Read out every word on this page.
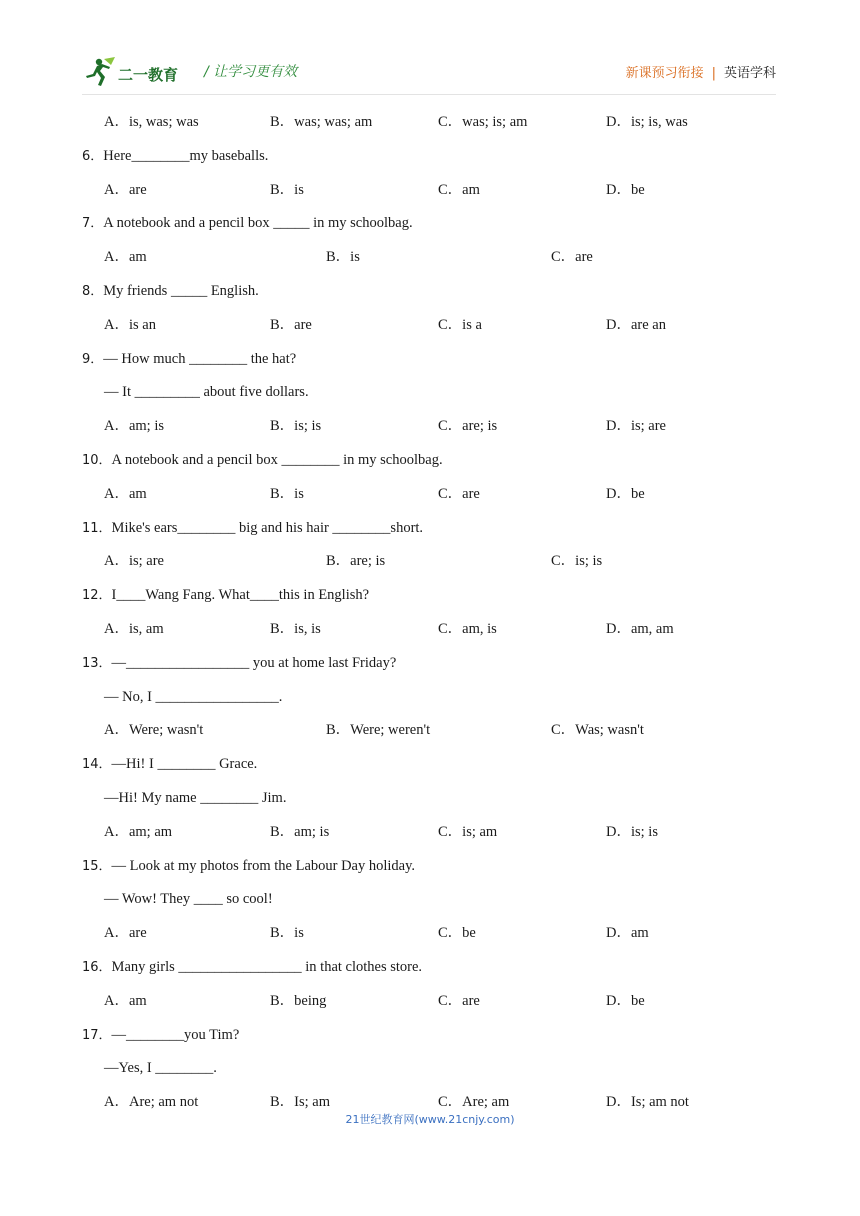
二一教育 / 让学习更有效	新课预习衔接 | 英语学科
A．is, was; was	B．was; was; am	C．was; is; am	D．is; is, was
6．Here________my baseballs.
A．are	B．is	C．am	D．be
7．A notebook and a pencil box _____ in my schoolbag.
A．am	B．is	C．are
8．My friends _____ English.
A．is an	B．are	C．is a	D．are an
9．— How much ________ the hat?
— It _________ about five dollars.
A．am; is	B．is; is	C．are; is	D．is; are
10．A notebook and a pencil box ________ in my schoolbag.
A．am	B．is	C．are	D．be
11．Mike's ears________ big and his hair ________short.
A．is; are	B．are; is	C．is; is
12．I____Wang Fang. What____this in English?
A．is, am	B．is, is	C．am, is	D．am, am
13．—_________________ you at home last Friday?
— No, I _________________.
A．Were; wasn't	B．Were; weren't	C．Was; wasn't
14．—Hi! I ________ Grace.
—Hi! My name ________ Jim.
A．am; am	B．am; is	C．is; am	D．is; is
15．— Look at my photos from the Labour Day holiday.
— Wow! They ____ so cool!
A．are	B．is	C．be	D．am
16．Many girls _________________ in that clothes store.
A．am	B．being	C．are	D．be
17．—________you Tim?
—Yes, I ________.
A．Are; am not	B．Is; am	C．Are; am	D．Is; am not
21世纪教育网(www.21cnjy.com)
